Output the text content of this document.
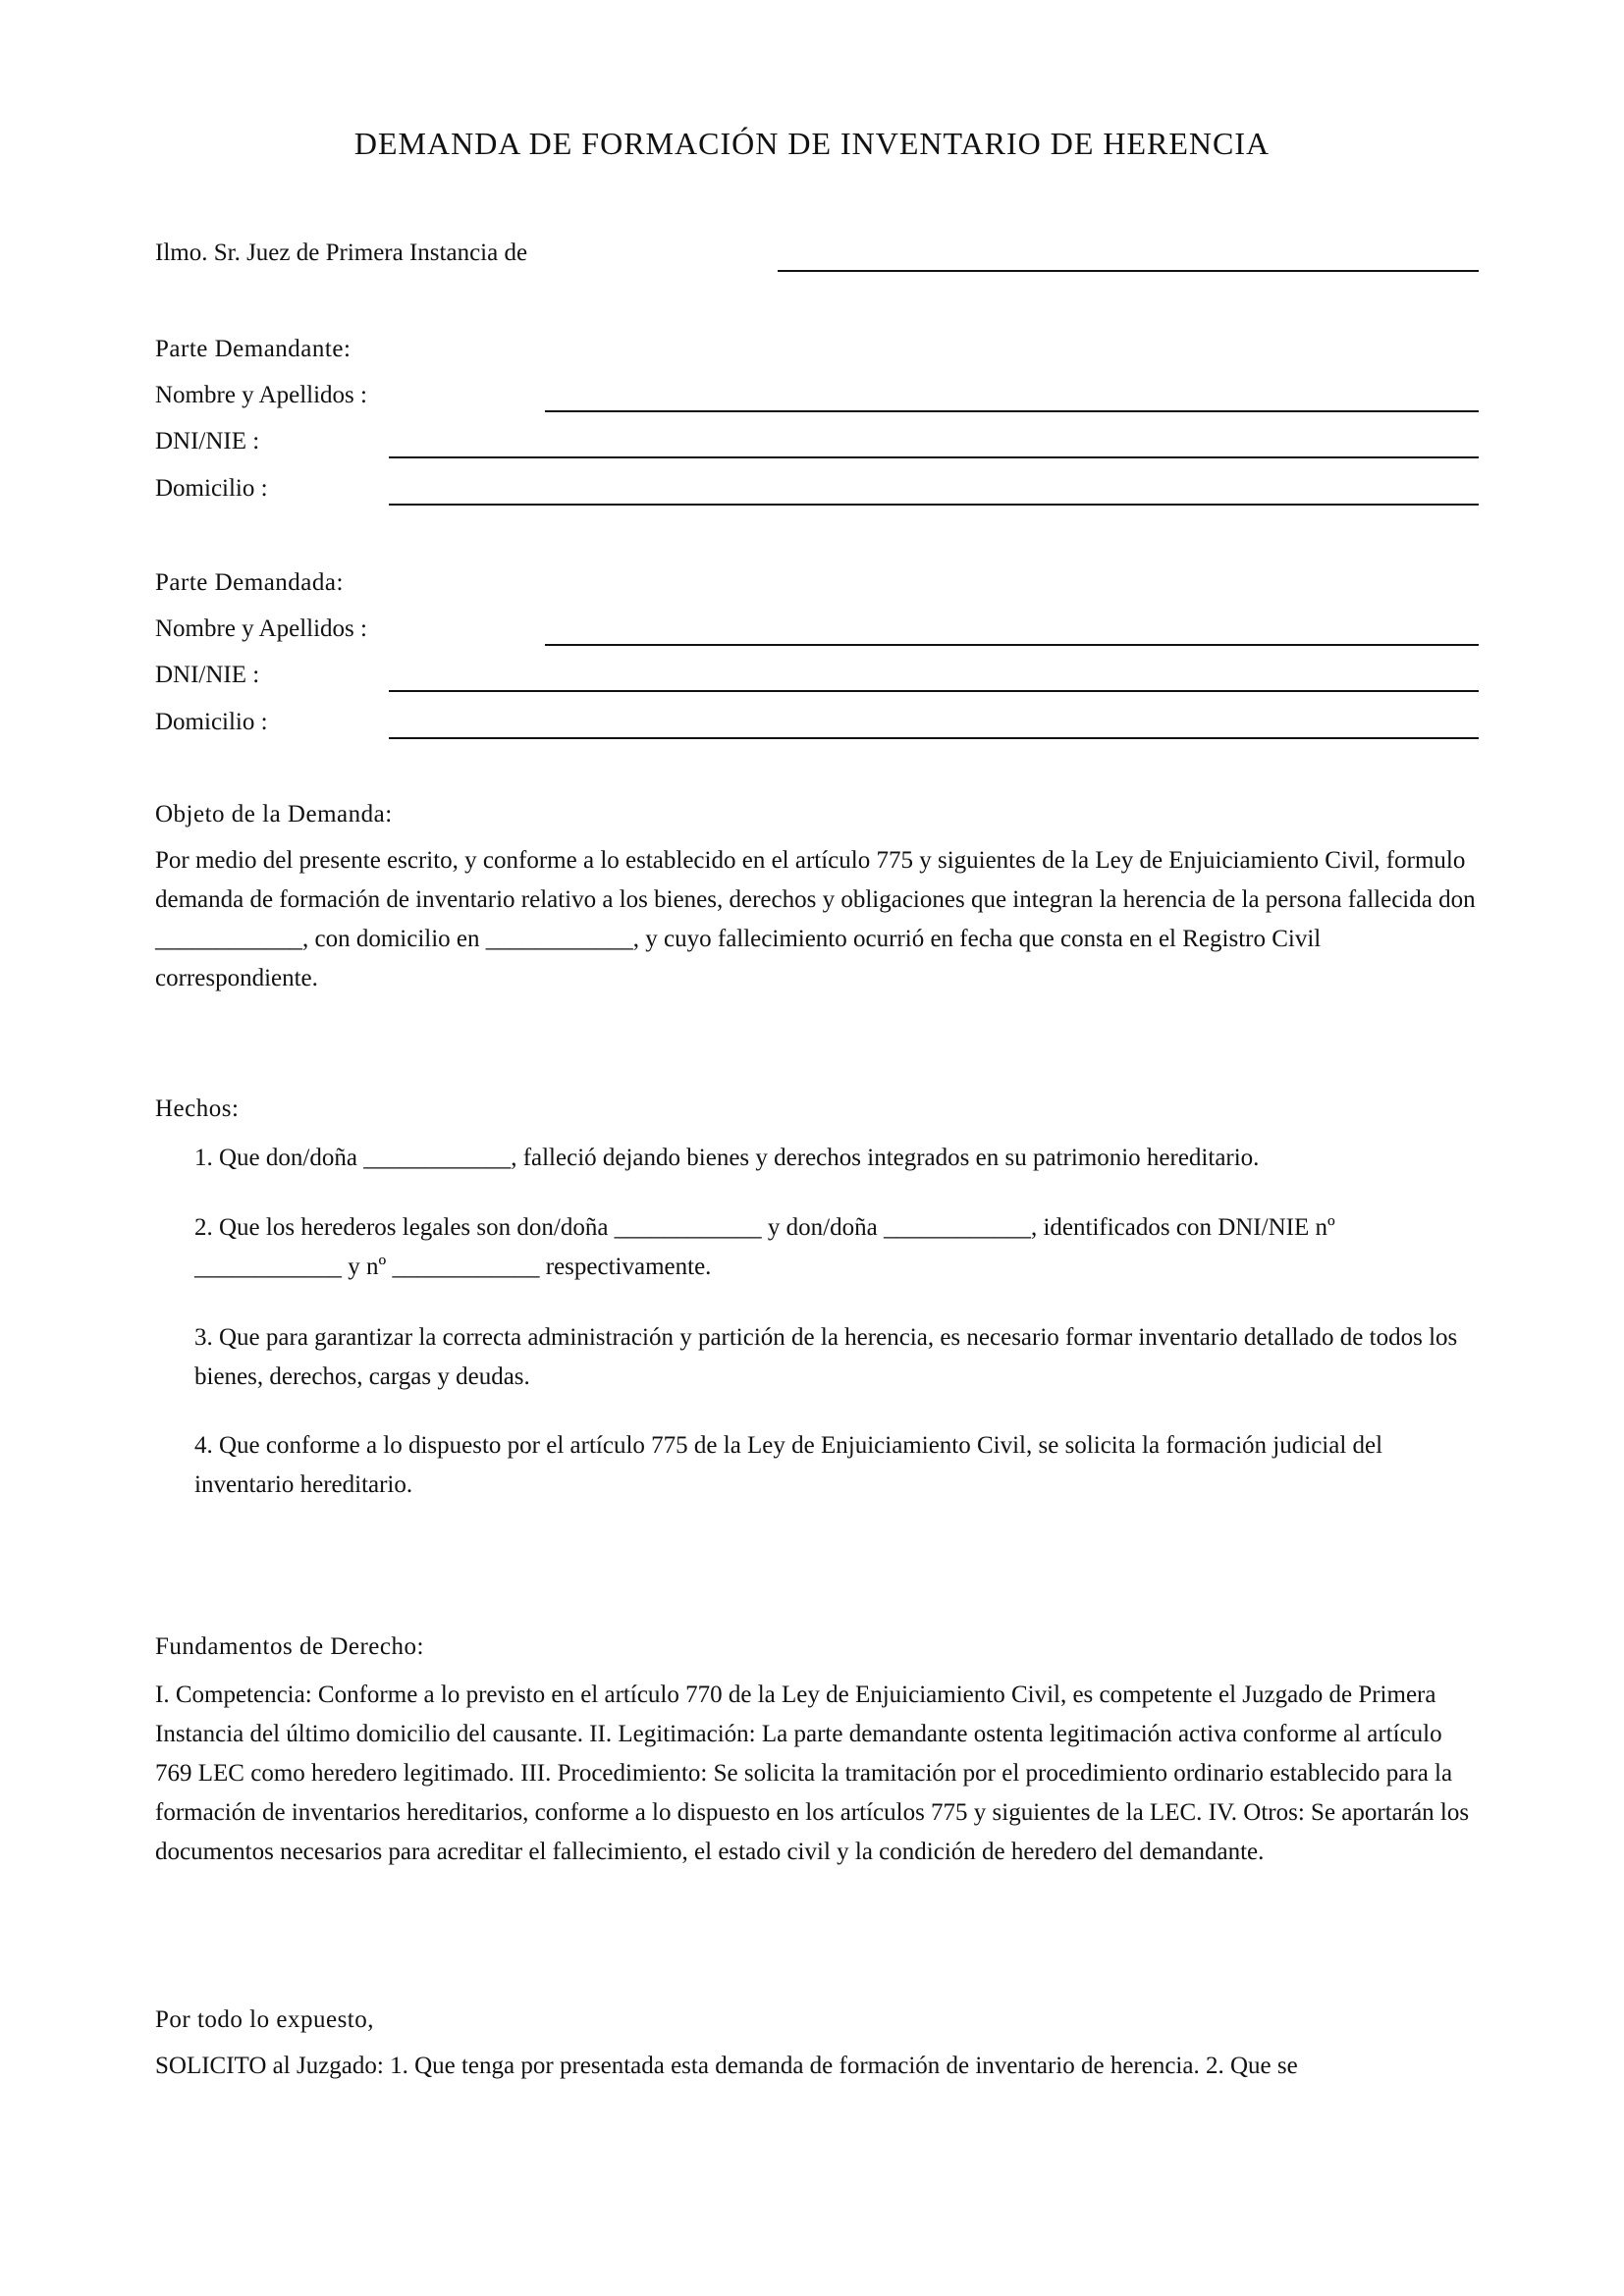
DEMANDA DE FORMACIÓN DE INVENTARIO DE HERENCIA
Ilmo. Sr. Juez de Primera Instancia de
Parte Demandante:
Nombre y Apellidos :
DNI/NIE :
Domicilio :
Parte Demandada:
Nombre y Apellidos :
DNI/NIE :
Domicilio :
Objeto de la Demanda:

Por medio del presente escrito, y conforme a lo establecido en el artículo 775 y siguientes de la Ley de Enjuiciamiento Civil, formulo demanda de formación de inventario relativo a los bienes, derechos y obligaciones que integran la herencia de la persona fallecida don ____________, con domicilio en ____________, y cuyo fallecimiento ocurrió en fecha que consta en el Registro Civil correspondiente.

Hechos:

1. Que don/doña ____________, falleció dejando bienes y derechos integrados en su patrimonio hereditario.

2. Que los herederos legales son don/doña ____________ y don/doña ____________, identificados con DNI/NIE nº ____________ y nº ____________ respectivamente.

3. Que para garantizar la correcta administración y partición de la herencia, es necesario formar inventario detallado de todos los bienes, derechos, cargas y deudas.

4. Que conforme a lo dispuesto por el artículo 775 de la Ley de Enjuiciamiento Civil, se solicita la formación judicial del inventario hereditario.

Fundamentos de Derecho:

I. Competencia: Conforme a lo previsto en el artículo 770 de la Ley de Enjuiciamiento Civil, es competente el Juzgado de Primera Instancia del último domicilio del causante. II. Legitimación: La parte demandante ostenta legitimación activa conforme al artículo 769 LEC como heredero legitimado. III. Procedimiento: Se solicita la tramitación por el procedimiento ordinario establecido para la formación de inventarios hereditarios, conforme a lo dispuesto en los artículos 775 y siguientes de la LEC. IV. Otros: Se aportarán los documentos necesarios para acreditar el fallecimiento, el estado civil y la condición de heredero del demandante.

Por todo lo expuesto,

SOLICITO al Juzgado: 1. Que tenga por presentada esta demanda de formación de inventario de herencia. 2. Que se
